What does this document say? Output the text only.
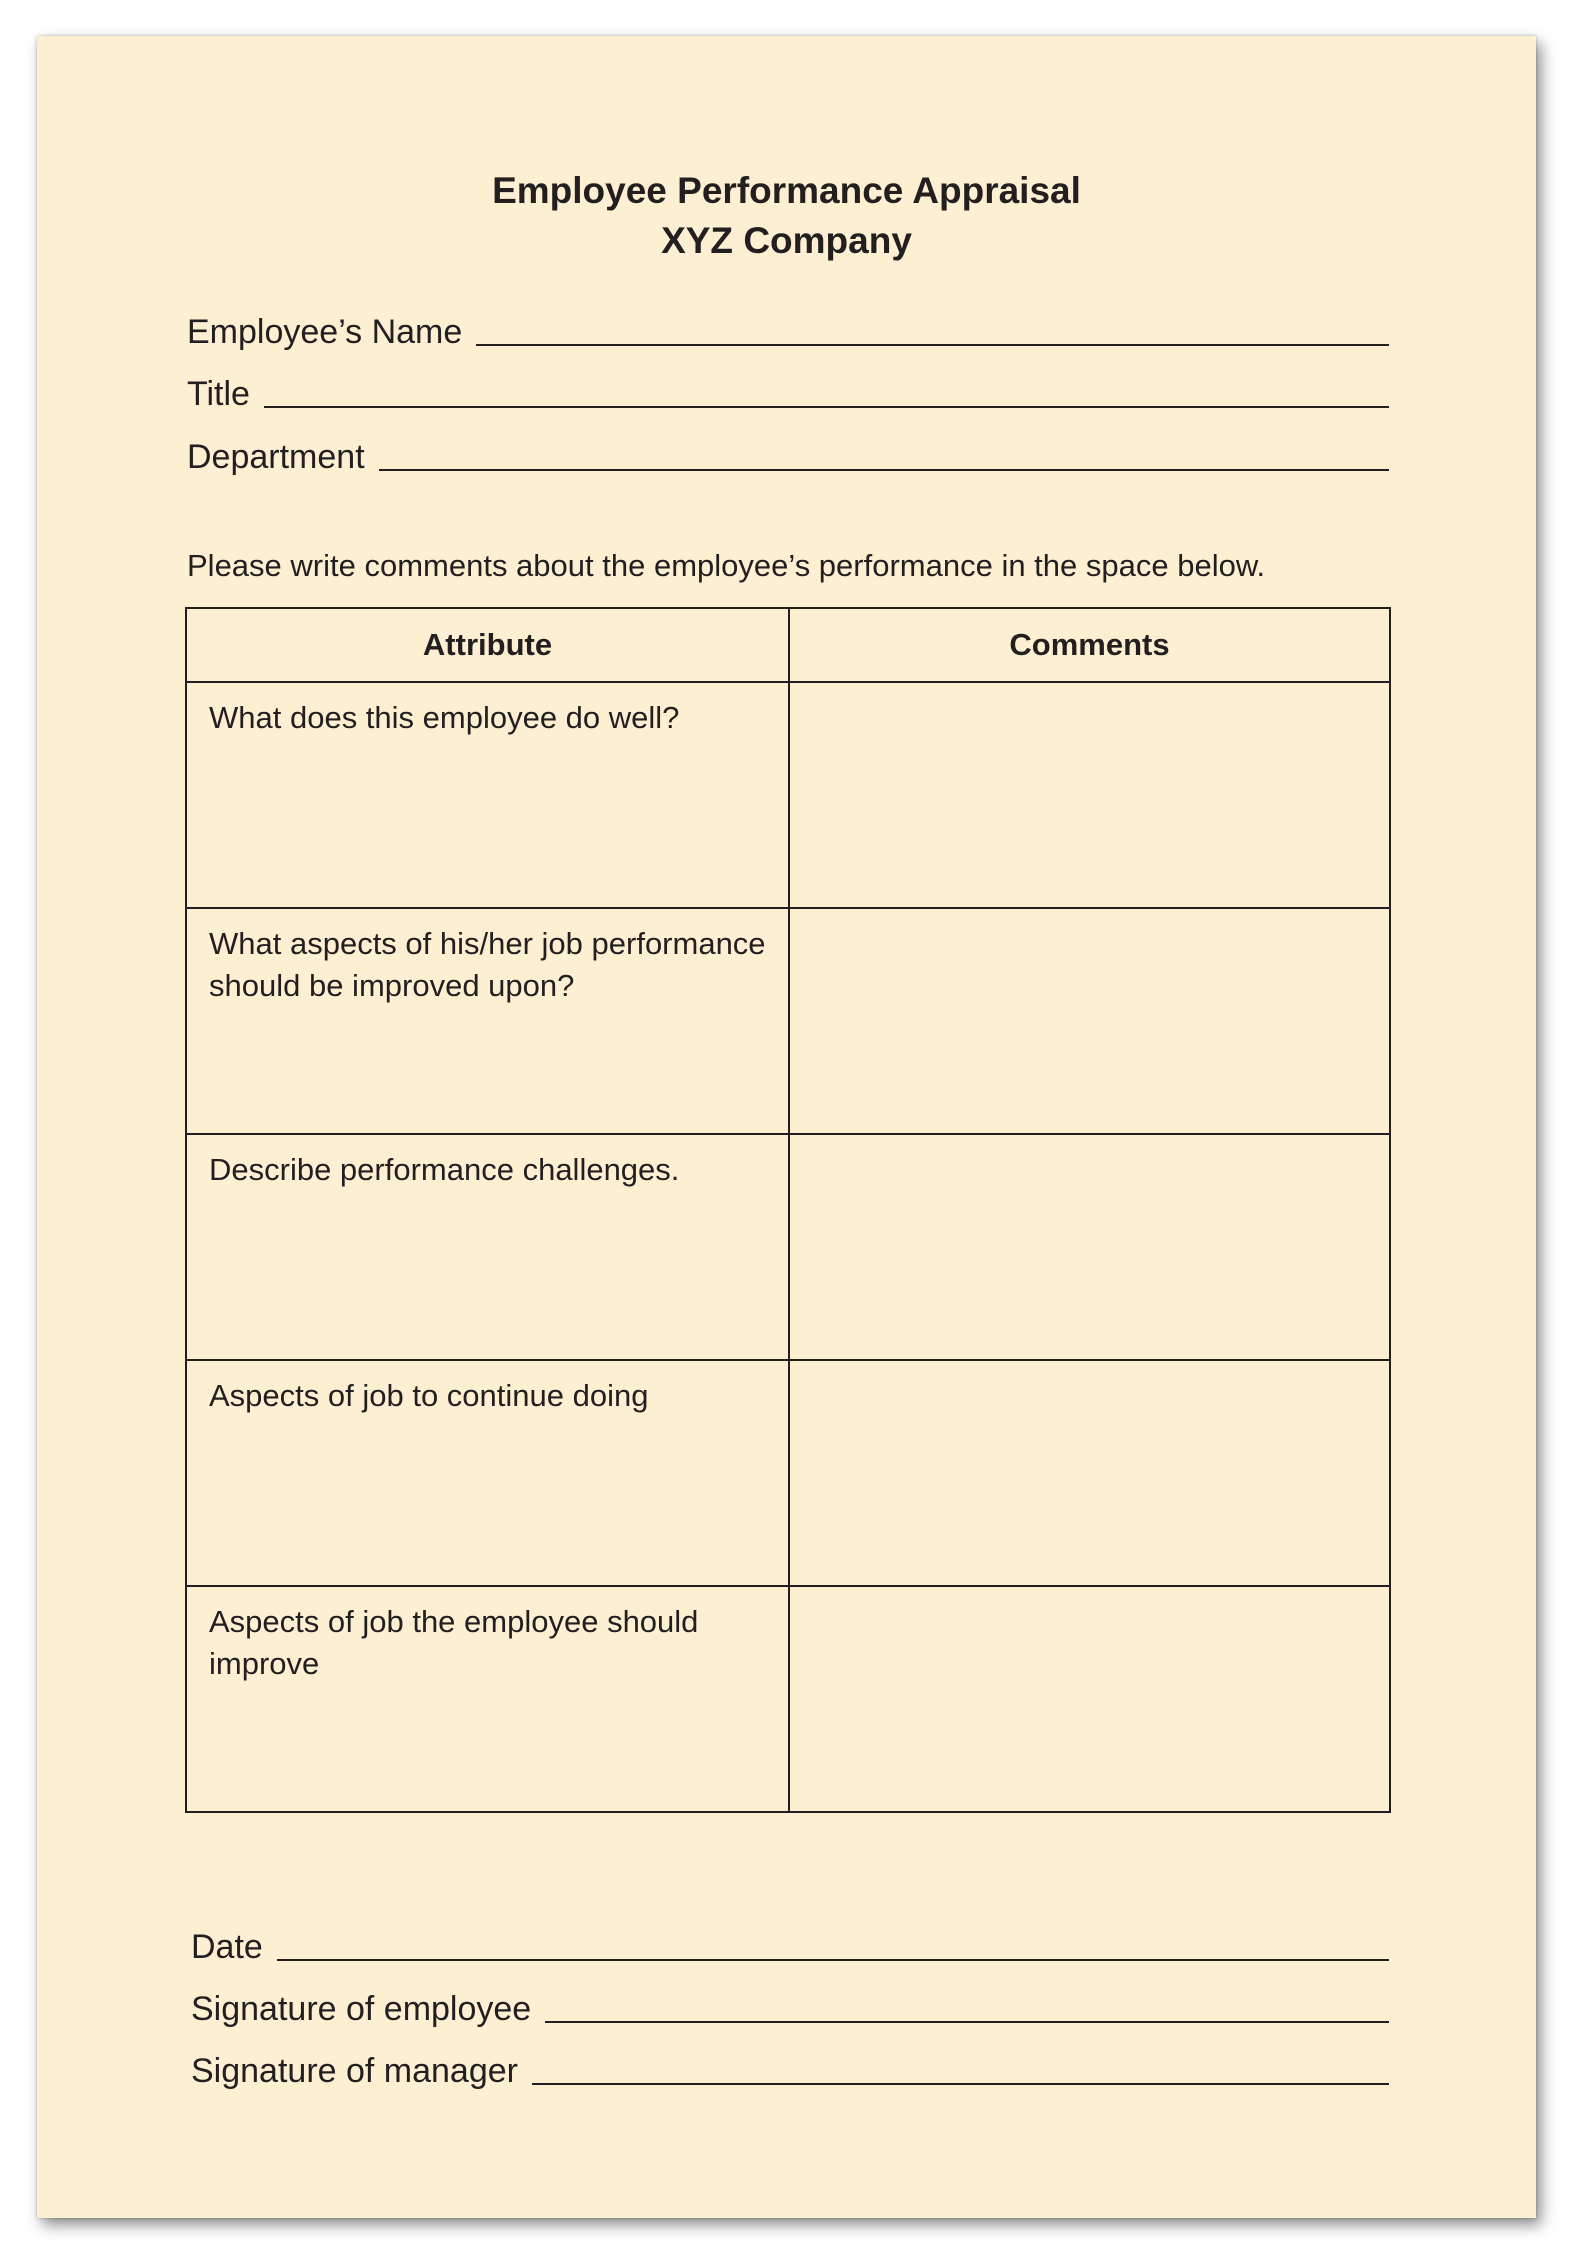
Employee Performance Appraisal
XYZ Company
Employee’s Name
Title
Department
Please write comments about the employee’s performance in the space below.
Attribute	Comments
What does this employee do well?	
What aspects of his/her job performance should be improved upon?	
Describe performance challenges.	
Aspects of job to continue doing	
Aspects of job the employee should improve	
Date
Signature of employee
Signature of manager
